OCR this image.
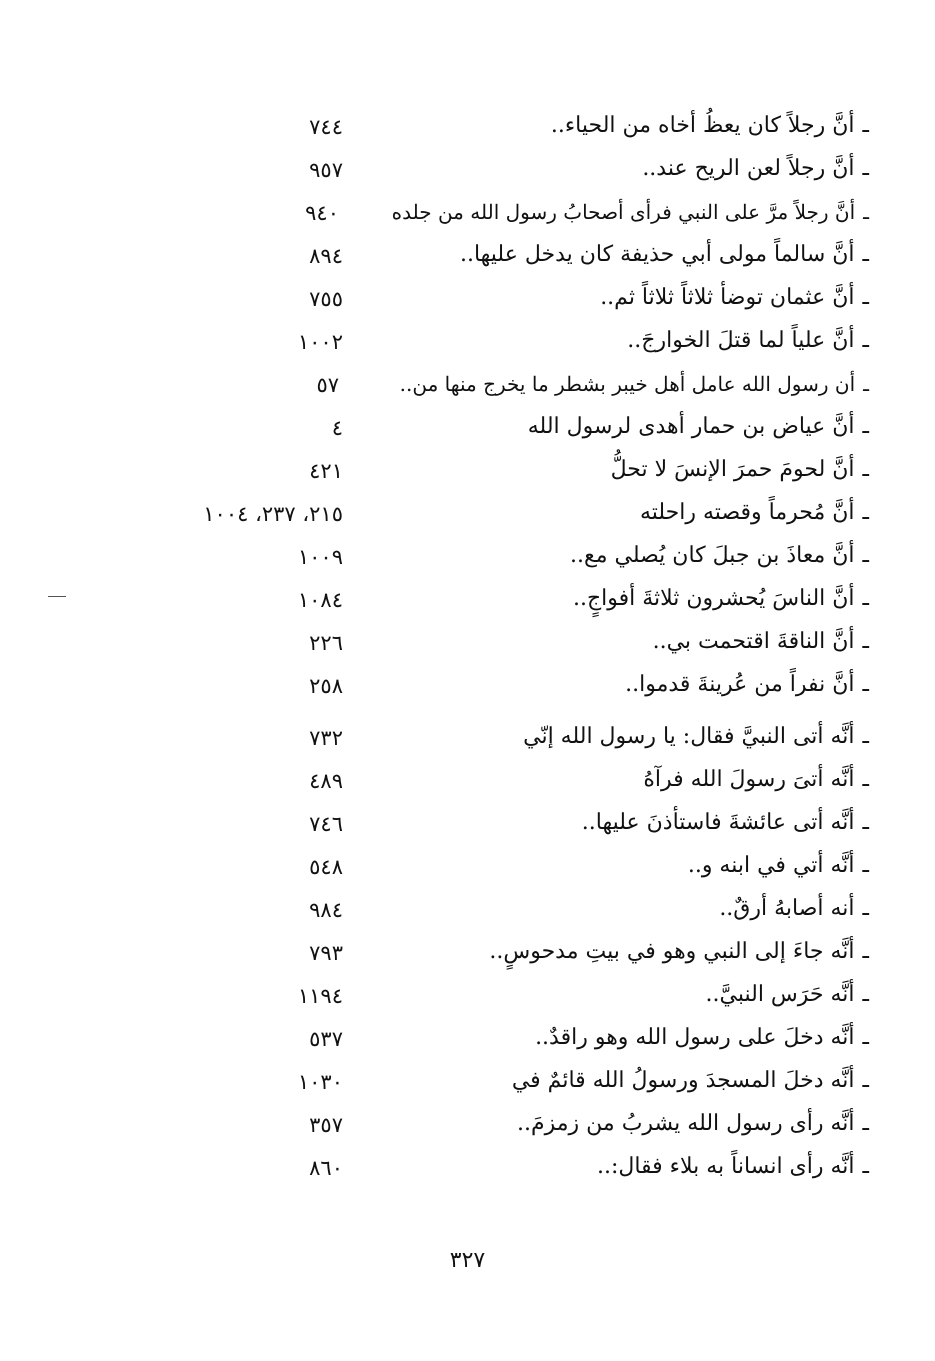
ـأنَّ رجلاً كان يعظُ أخاه من الحياء..
٧٤٤
ـأنَّ رجلاً لعن الريح عند..
٩٥٧
ـأنَّ رجلاً مرَّ على النبي فرأى أصحابُ رسول الله من جلده
٩٤٠
ـأنَّ سالماً مولى أبي حذيفة كان يدخل عليها..
٨٩٤
ـأنَّ عثمان توضأ ثلاثاً ثلاثاً ثم..
٧٥٥
ـأنَّ علياً لما قتلَ الخوارجَ..
١٠٠٢
ـأن رسول الله عامل أهل خيبر بشطر ما يخرج منها من..
٥٧
ـأنَّ عياض بن حمار أهدى لرسول الله
٤
ـأنَّ لحومَ حمرَ الإنسَ لا تحلُّ
٤٢١
ـأنَّ مُحرماً وقصته راحلته
٢١٥، ٢٣٧، ١٠٠٤
ـأنَّ معاذَ بن جبلَ كان يُصلي مع..
١٠٠٩
ـأنَّ الناسَ يُحشرون ثلاثةَ أفواجٍ..
١٠٨٤
ـأنَّ الناقةَ اقتحمت بي..
٢٢٦
ـأنَّ نفراً من عُرينةَ قدموا..
٢٥٨
ـأنَّه أتى النبيَّ فقال: يا رسول الله إنّي
٧٣٢
ـأنَّه أتىَ رسولَ الله فرآهُ
٤٨٩
ـأنَّه أتى عائشةَ فاستأذنَ عليها..
٧٤٦
ـأنَّه أتي في ابنه و..
٥٤٨
ـأنه أصابهُ أرقٌ..
٩٨٤
ـأنَّه جاءَ إلى النبي وهو في بيتِ مدحوسٍ..
٧٩٣
ـأنَّه حَرَس النبيَّ..
١١٩٤
ـأنَّه دخلَ على رسول الله وهو راقدٌ..
٥٣٧
ـأنَّه دخلَ المسجدَ ورسولُ الله قائمٌ في
١٠٣٠
ـأنَّه رأى رسول الله يشربُ من زمزمَ..
٣٥٧
ـأنَّه رأى انساناً به بلاء فقال:..
٨٦٠
٣٢٧
